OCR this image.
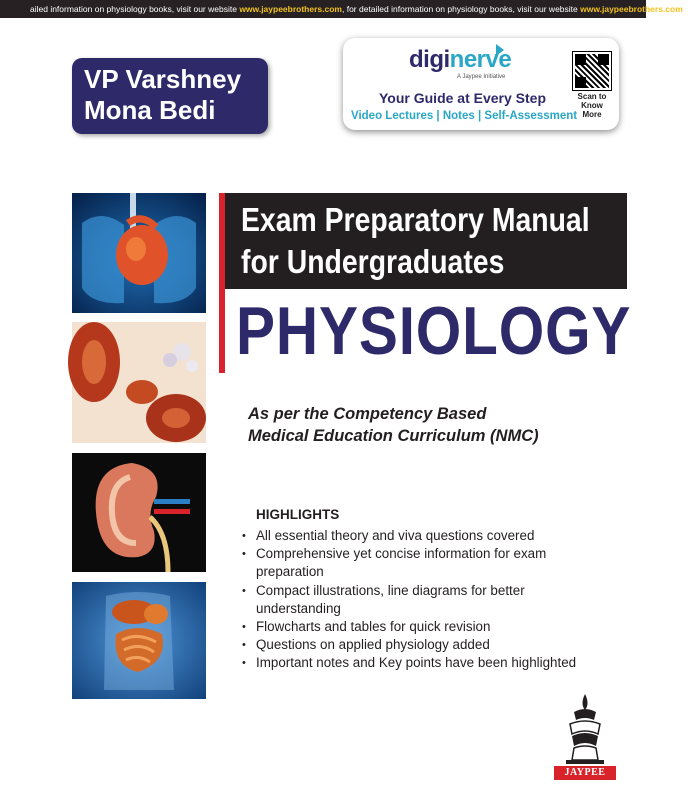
ailed information on physiology books, visit our website www.jaypeebrothers.com, for detailed information on physiology books, visit our website www.jaypeebrothers.com
VP Varshney
Mona Bedi
diginerve
A Jaypee Initiative
Your Guide at Every Step
Video Lectures | Notes | Self-Assessment
Scan to
Know
More
Exam Preparatory Manual
for Undergraduates
PHYSIOLOGY
As per the Competency Based
Medical Education Curriculum (NMC)
HIGHLIGHTS
• All essential theory and viva questions covered
• Comprehensive yet concise information for exam preparation
• Compact illustrations, line diagrams for better understanding
• Flowcharts and tables for quick revision
• Questions on applied physiology added
• Important notes and Key points have been highlighted
JAYPEE
